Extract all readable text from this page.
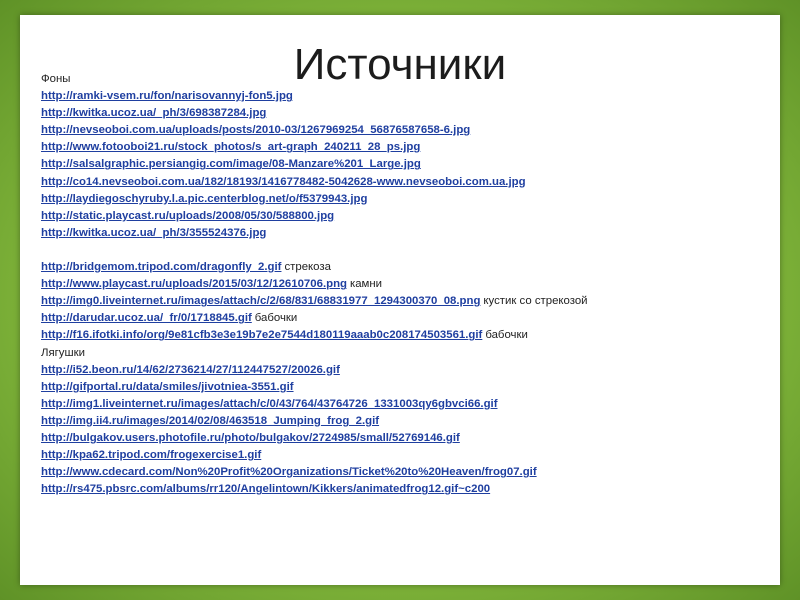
Источники
Фоны
http://ramki-vsem.ru/fon/narisovannyj-fon5.jpg
http://kwitka.ucoz.ua/_ph/3/698387284.jpg
http://nevseoboi.com.ua/uploads/posts/2010-03/1267969254_56876587658-6.jpg
http://www.fotooboi21.ru/stock_photos/s_art-graph_240211_28_ps.jpg
http://salsalgraphic.persiangig.com/image/08-Manzare%201_Large.jpg
http://co14.nevseoboi.com.ua/182/18193/1416778482-5042628-www.nevseoboi.com.ua.jpg
http://laydiegoschyruby.l.a.pic.centerblog.net/o/f5379943.jpg
http://static.playcast.ru/uploads/2008/05/30/588800.jpg
http://kwitka.ucoz.ua/_ph/3/355524376.jpg
http://bridgemom.tripod.com/dragonfly_2.gif стрекоза
http://www.playcast.ru/uploads/2015/03/12/12610706.png камни
http://img0.liveinternet.ru/images/attach/c/2/68/831/68831977_1294300370_08.png кустик со стрекозой
http://darudar.ucoz.ua/_fr/0/1718845.gif бабочки
http://f16.ifotki.info/org/9e81cfb3e3e19b7e2e7544d180119aaab0c208174503561.gif бабочки
Лягушки
http://i52.beon.ru/14/62/2736214/27/112447527/20026.gif
http://gifportal.ru/data/smiles/jivotniea-3551.gif
http://img1.liveinternet.ru/images/attach/c/0/43/764/43764726_1331003qy6gbvci66.gif
http://img.ii4.ru/images/2014/02/08/463518_Jumping_frog_2.gif
http://bulgakov.users.photofile.ru/photo/bulgakov/2724985/small/52769146.gif
http://kpa62.tripod.com/frogexercise1.gif
http://www.cdecard.com/Non%20Profit%20Organizations/Ticket%20to%20Heaven/frog07.gif
http://rs475.pbsrc.com/albums/rr120/Angelintown/Kikkers/animatedfrog12.gif~c200
